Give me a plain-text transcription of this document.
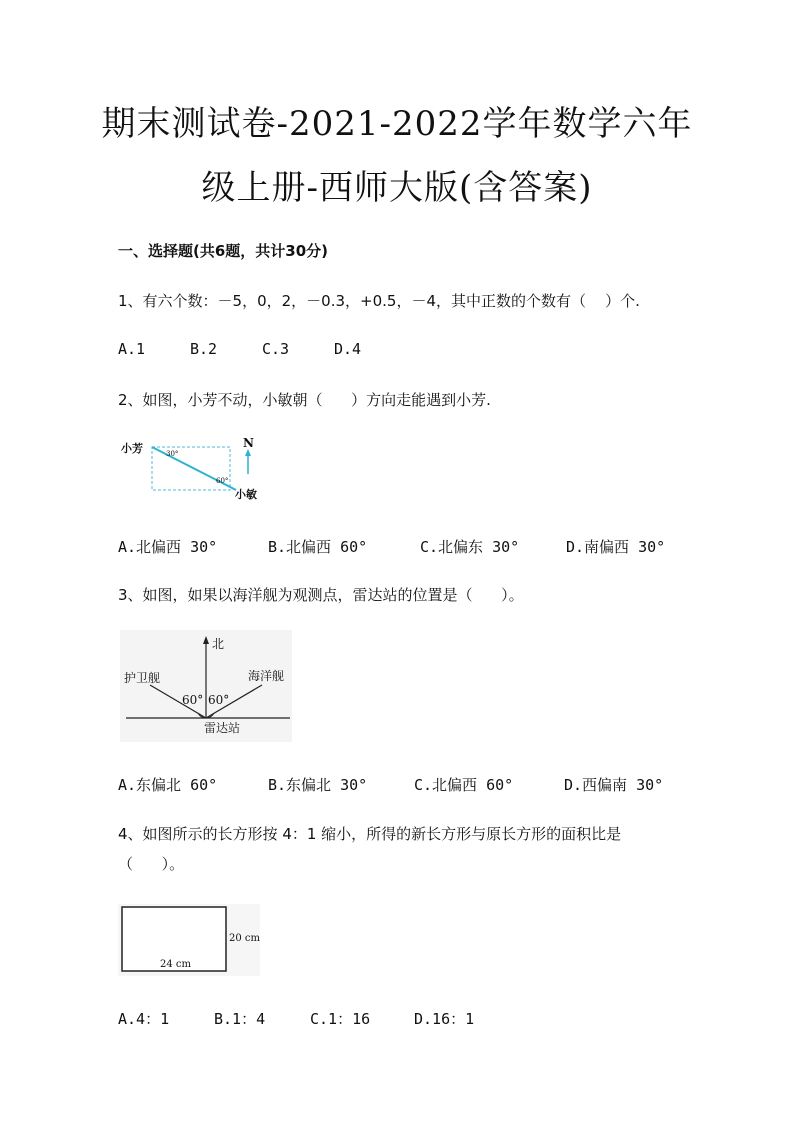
期末测试卷-2021-2022学年数学六年
级上册-西师大版(含答案)
一、选择题(共6题，共计30分)
1、有六个数：－5，0，2，－0.3，+0.5，－4，其中正数的个数有（    ）个.
A.1	B.2	C.3	D.4
2、如图，小芳不动，小敏朝（      ）方向走能遇到小芳.
小芳
小敏
N
30°
60°
A.北偏西 30°	B.北偏西 60°	C.北偏东 30°	D.南偏西 30°
3、如图，如果以海洋舰为观测点，雷达站的位置是（      ）。
北
护卫舰	海洋舰
雷达站
60° 60°
A.东偏北 60°	B.东偏北 30°	C.北偏西 60°	D.西偏南 30°
4、如图所示的长方形按 4：1 缩小，所得的新长方形与原长方形的面积比是
（      ）。
20 cm
24 cm
A.4：1	B.1：4	C.1：16	D.16：1
